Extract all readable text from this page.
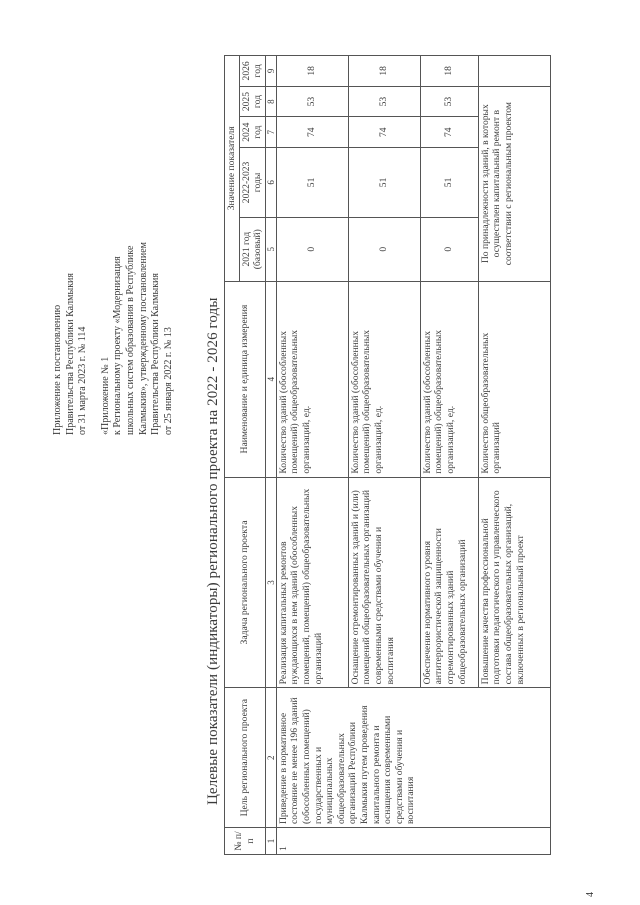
Приложение к постановлению Правительства Республики Калмыкия от 31 марта 2023 г. № 114 «Приложение № 1 к Региональному проекту «Модернизация школьных систем образования в Республике Калмыкия», утвержденному постановлением Правительства Республики Калмыкия от 25 января 2022 г. № 13 Целевые показатели (индикаторы) регионального проекта на 2022 - 2026 годы
№ п/п	Цель регионального проекта	Задача регионального проекта	Наименование и единица измерения	Значение показателя				
				2021 год (базовый)	2022-2023 годы	2024 год	2025 год	2026 год
1	2	3	4	5	6	7	8	9
1	Приведение в нормативное состояние не менее 196 зданий (обособленных помещений) государственных и муниципальных общеобразовательных организаций Республики Калмыкия путем проведения капитального ремонта и оснащения современными средствами обучения и воспитания	Реализация капитальных ремонтов нуждающихся в нем зданий (обособленных помещений, помещений) общеобразовательных организаций	Количество зданий (обособленных помещений) общеобразовательных организаций, ед.	0	51	74	53	18
		Оснащение отремонтированных зданий и (или) помещений общеобразовательных организаций современными средствами обучения и воспитания	Количество зданий (обособленных помещений) общеобразовательных организаций, ед.	0	51	74	53	18
		Обеспечение нормативного уровня антитеррористической защищенности отремонтированных зданий общеобразовательных организаций	Количество зданий (обособленных помещений) общеобразовательных организаций, ед.	0	51	74	53	18
		Повышение качества профессиональной подготовки педагогического и управленческого состава общеобразовательных организаций, включенных в региональный проект	Количество общеобразовательных организаций	По принадлежности зданий, в которых осуществлен капитальный ремонт в соответствии с региональным проектом				
4
